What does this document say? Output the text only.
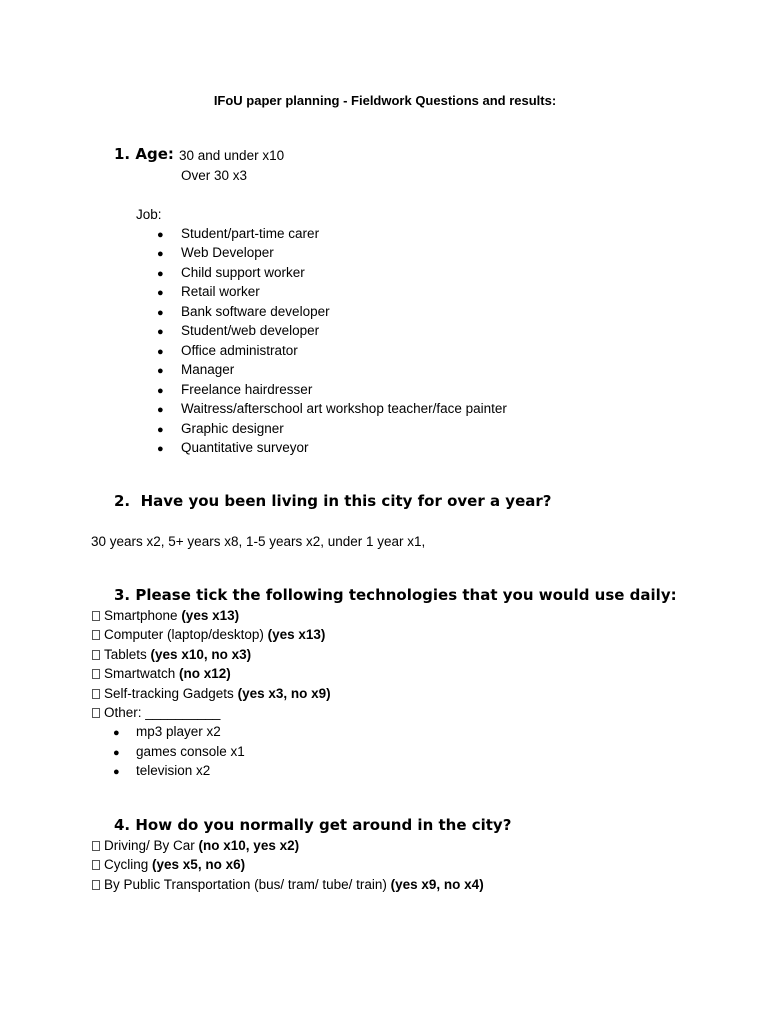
IFoU paper planning - Fieldwork Questions and results:
1. Age: 30 and under x10
Over 30 x3
Job:
● Student/part-time carer
● Web Developer
● Child support worker
● Retail worker
● Bank software developer
● Student/web developer
● Office administrator
● Manager
● Freelance hairdresser
● Waitress/afterschool art workshop teacher/face painter
● Graphic designer
● Quantitative surveyor
2. Have you been living in this city for over a year?
30 years x2, 5+ years x8, 1-5 years x2, under 1 year x1,
3. Please tick the following technologies that you would use daily:
Smartphone (yes x13)
Computer (laptop/desktop) (yes x13)
Tablets (yes x10, no x3)
Smartwatch (no x12)
Self-tracking Gadgets (yes x3, no x9)
Other: __________
● mp3 player x2
● games console x1
● television x2
4. How do you normally get around in the city?
Driving/ By Car (no x10, yes x2)
Cycling (yes x5, no x6)
By Public Transportation (bus/ tram/ tube/ train) (yes x9, no x4)
